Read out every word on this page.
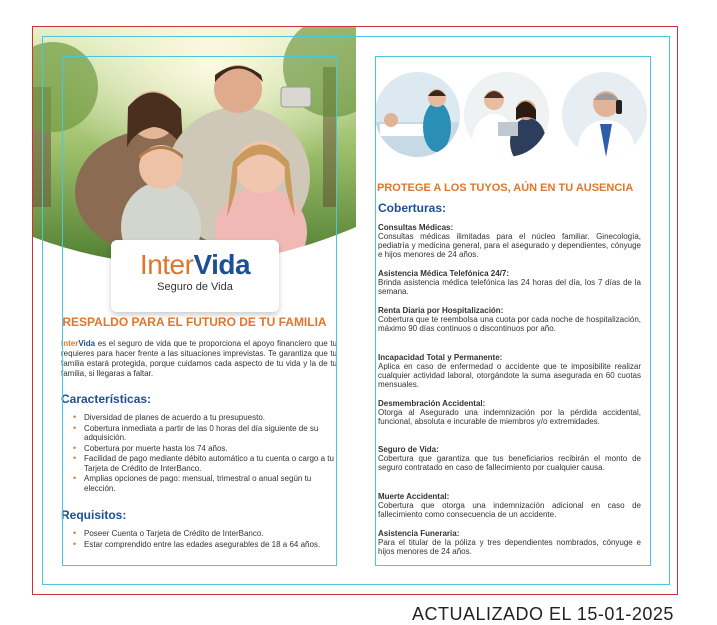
InterVida
Seguro de Vida
RESPALDO PARA EL FUTURO DE TU FAMILIA
InterVida es el seguro de vida que te proporciona el apoyo financiero que tu requieres para hacer frente a las situaciones imprevistas. Te garantiza que tu familia estará protegida, porque cuidamos cada aspecto de tu vida y la de tu familia, si llegaras a faltar.
Características:
• Diversidad de planes de acuerdo a tu presupuesto.
• Cobertura inmediata a partir de las 0 horas del día siguiente de su adquisición.
• Cobertura por muerte hasta los 74 años.
• Facilidad de pago mediante débito automático a tu cuenta o cargo a tu Tarjeta de Crédito de InterBanco.
• Amplias opciones de pago: mensual, trimestral o anual según tu elección.
Requisitos:
• Poseer Cuenta o Tarjeta de Crédito de InterBanco.
• Estar comprendido entre las edades asegurables de 18 a 64 años.
PROTEGE A LOS TUYOS, AÚN EN TU AUSENCIA
Coberturas:
Consultas Médicas:
Consultas médicas ilimitadas para el núcleo familiar. Ginecología, pediatría y medicina general, para el asegurado y dependientes, cónyuge e hijos menores de 24 años.
Asistencia Médica Telefónica 24/7:
Brinda asistencia médica telefónica las 24 horas del día, los 7 días de la semana.
Renta Diaria por Hospitalización:
Cobertura que te reembolsa una cuota por cada noche de hospitalización, máximo 90 días continuos o discontinuos por año.
Incapacidad Total y Permanente:
Aplica en caso de enfermedad o accidente que te imposibilite realizar cualquier actividad laboral, otorgándote la suma asegurada en 60 cuotas mensuales.
Desmembración Accidental:
Otorga al Asegurado una indemnización por la pérdida accidental, funcional, absoluta e incurable de miembros y/o extremidades.
Seguro de Vida:
Cobertura que garantiza que tus beneficiarios recibirán el monto de seguro contratado en caso de fallecimiento por cualquier causa.
Muerte Accidental:
Cobertura que otorga una indemnización adicional en caso de fallecimiento como consecuencia de un accidente.
Asistencia Funeraria:
Para el titular de la póliza y tres dependientes nombrados, cónyuge e hijos menores de 24 años.
ACTUALIZADO EL 15-01-2025
